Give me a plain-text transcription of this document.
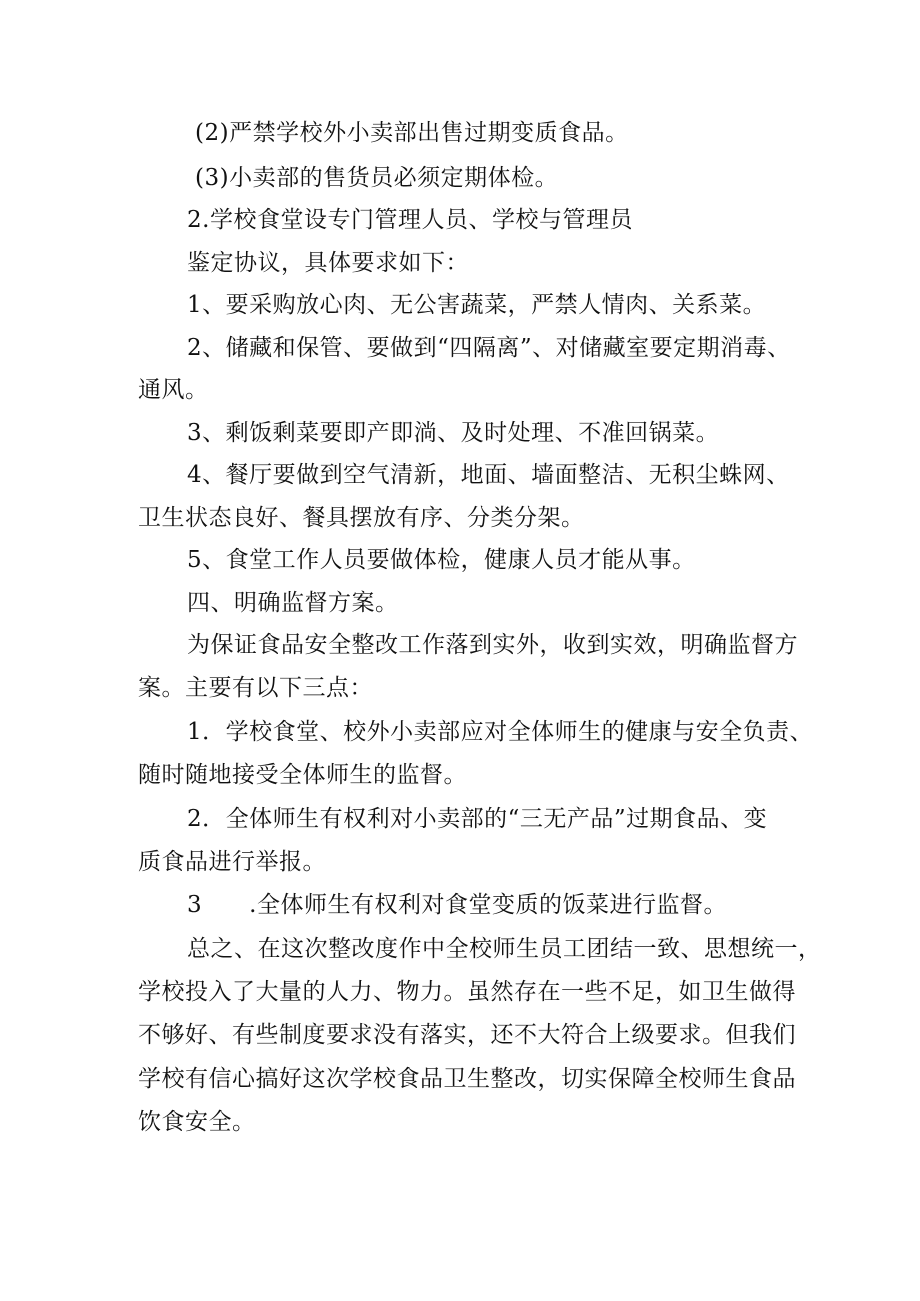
(2)严禁学校外小卖部出售过期变质食品。
(3)小卖部的售货员必须定期体检。
2.学校食堂设专门管理人员、学校与管理员
鉴定协议，具体要求如下：
1、要采购放心肉、无公害蔬菜，严禁人情肉、关系菜。
2、储藏和保管、要做到“四隔离”、对储藏室要定期消毒、
通风。
3、剩饭剩菜要即产即淌、及时处理、不准回锅菜。
4、餐厅要做到空气清新，地面、墙面整洁、无积尘蛛网、
卫生状态良好、餐具摆放有序、分类分架。
5、食堂工作人员要做体检，健康人员才能从事。
四、明确监督方案。
为保证食品安全整改工作落到实外，收到实效，明确监督方
案。主要有以下三点：
1．学校食堂、校外小卖部应对全体师生的健康与安全负责、
随时随地接受全体师生的监督。
2．全体师生有权利对小卖部的“三无产品”过期食品、变
质食品进行举报。
3　　.全体师生有权利对食堂变质的饭菜进行监督。
总之、在这次整改度作中全校师生员工团结一致、思想统一，
学校投入了大量的人力、物力。虽然存在一些不足，如卫生做得
不够好、有些制度要求没有落实，还不大符合上级要求。但我们
学校有信心搞好这次学校食品卫生整改，切实保障全校师生食品
饮食安全。
